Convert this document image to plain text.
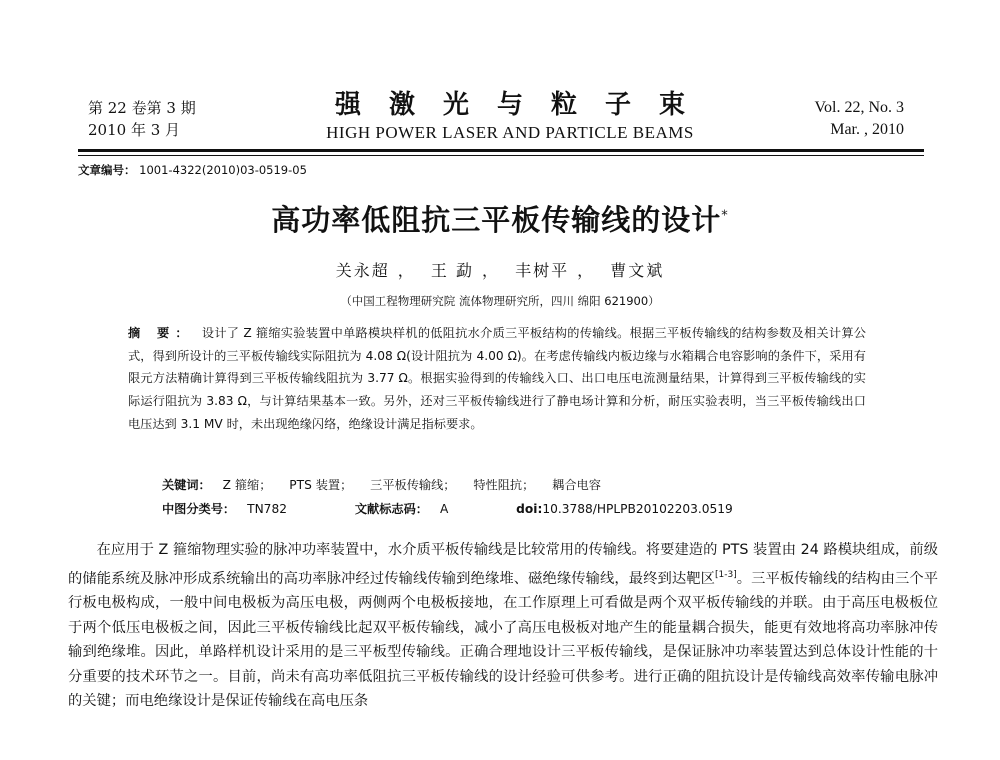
第 22 卷第 3 期
2010 年 3 月
强激光与粒子束
HIGH POWER LASER AND PARTICLE BEAMS
Vol. 22, No. 3
Mar. , 2010
文章编号： 1001-4322(2010)03-0519-05
高功率低阻抗三平板传输线的设计*
关永超 ， 王 勐 ， 丰树平 ， 曹文斌
（中国工程物理研究院 流体物理研究所，四川 绵阳 621900）
摘 要： 设计了 Z 箍缩实验装置中单路模块样机的低阻抗水介质三平板结构的传输线。根据三平板传输线的结构参数及相关计算公式，得到所设计的三平板传输线实际阻抗为 4.08 Ω(设计阻抗为 4.00 Ω)。在考虑传输线内板边缘与水箱耦合电容影响的条件下，采用有限元方法精确计算得到三平板传输线阻抗为 3.77 Ω。根据实验得到的传输线入口、出口电压电流测量结果，计算得到三平板传输线的实际运行阻抗为 3.83 Ω，与计算结果基本一致。另外，还对三平板传输线进行了静电场计算和分析，耐压实验表明，当三平板传输线出口电压达到 3.1 MV 时，未出现绝缘闪络，绝缘设计满足指标要求。
关键词： Z 箍缩； PTS 装置； 三平板传输线； 特性阻抗； 耦合电容
中图分类号： TN782	文献标志码： A	doi:10.3788/HPLPB20102203.0519
在应用于 Z 箍缩物理实验的脉冲功率装置中，水介质平板传输线是比较常用的传输线。将要建造的 PTS 装置由 24 路模块组成，前级的储能系统及脉冲形成系统输出的高功率脉冲经过传输线传输到绝缘堆、磁绝缘传输线，最终到达靶区[1-3]。三平板传输线的结构由三个平行板电极构成，一般中间电极板为高压电极，两侧两个电极板接地，在工作原理上可看做是两个双平板传输线的并联。由于高压电极板位于两个低压电极板之间，因此三平板传输线比起双平板传输线，减小了高压电极板对地产生的能量耦合损失，能更有效地将高功率脉冲传输到绝缘堆。因此，单路样机设计采用的是三平板型传输线。正确合理地设计三平板传输线，是保证脉冲功率装置达到总体设计性能的十分重要的技术环节之一。目前，尚未有高功率低阻抗三平板传输线的设计经验可供参考。进行正确的阻抗设计是传输线高效率传输电脉冲的关键；而电绝缘设计是保证传输线在高电压条
